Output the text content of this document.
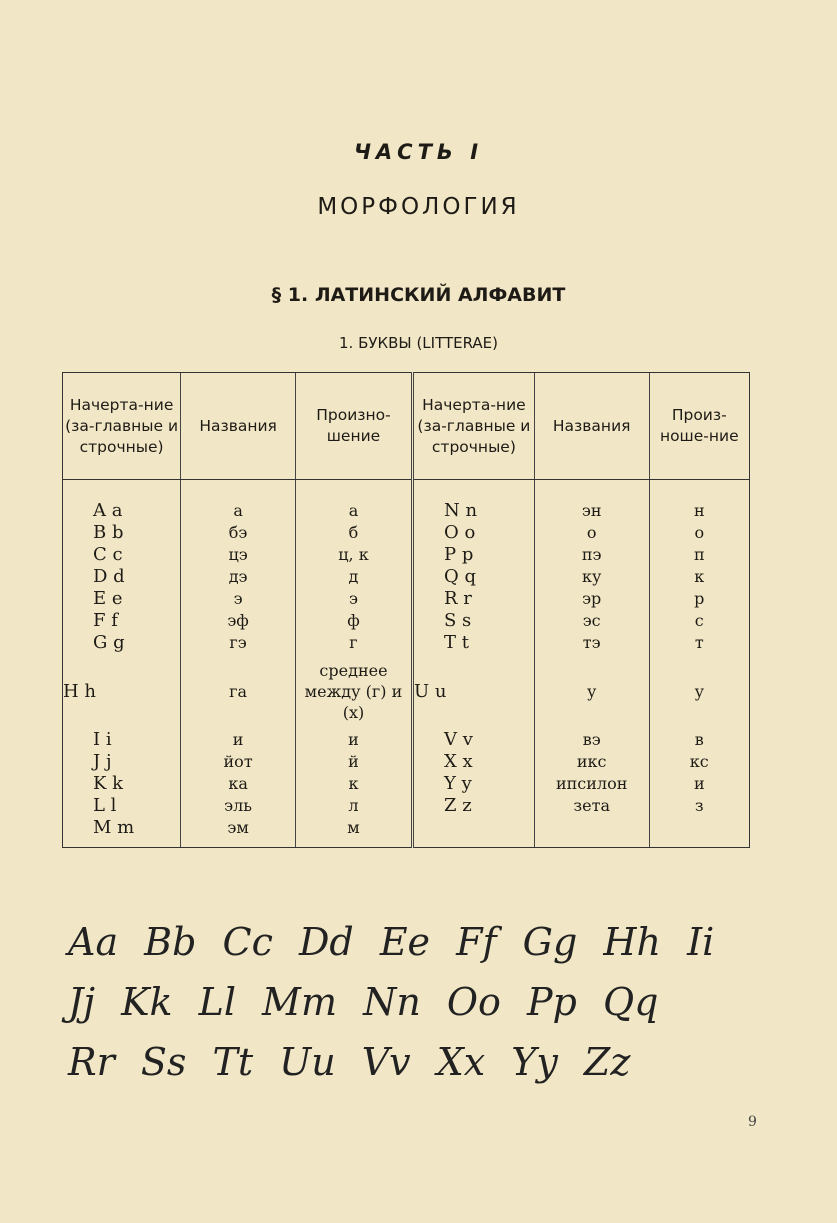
ЧАСТЬ I
МОРФОЛОГИЯ
§ 1. ЛАТИНСКИЙ АЛФАВИТ
1. БУКВЫ (LITTERAE)
Начерта-ние (за-главные и строчные)	Названия	Произно-шение	Начерта-ние (за-главные и строчные)	Названия	Произ-ноше-ние
A a	а	а	N n	эн	н
B b	бэ	б	O o	о	о
C c	цэ	ц, к	P p	пэ	п
D d	дэ	д	Q q	ку	к
E e	э	э	R r	эр	р
F f	эф	ф	S s	эс	с
G g	гэ	г	T t	тэ	т
H h	га	среднее между (г) и (х)	U u	у	у
I i	и	и	V v	вэ	в
J j	йот	й	X x	икс	кс
K k	ка	к	Y y	ипсилон	и
L l	эль	л	Z z	зета	з
M m	эм	м			
Aa Bb Cc Dd Ee Ff Gg Hh Ii
Jj Kk Ll Mm Nn Oo Pp Qq
Rr Ss Tt Uu Vv Xx Yy Zz
9
